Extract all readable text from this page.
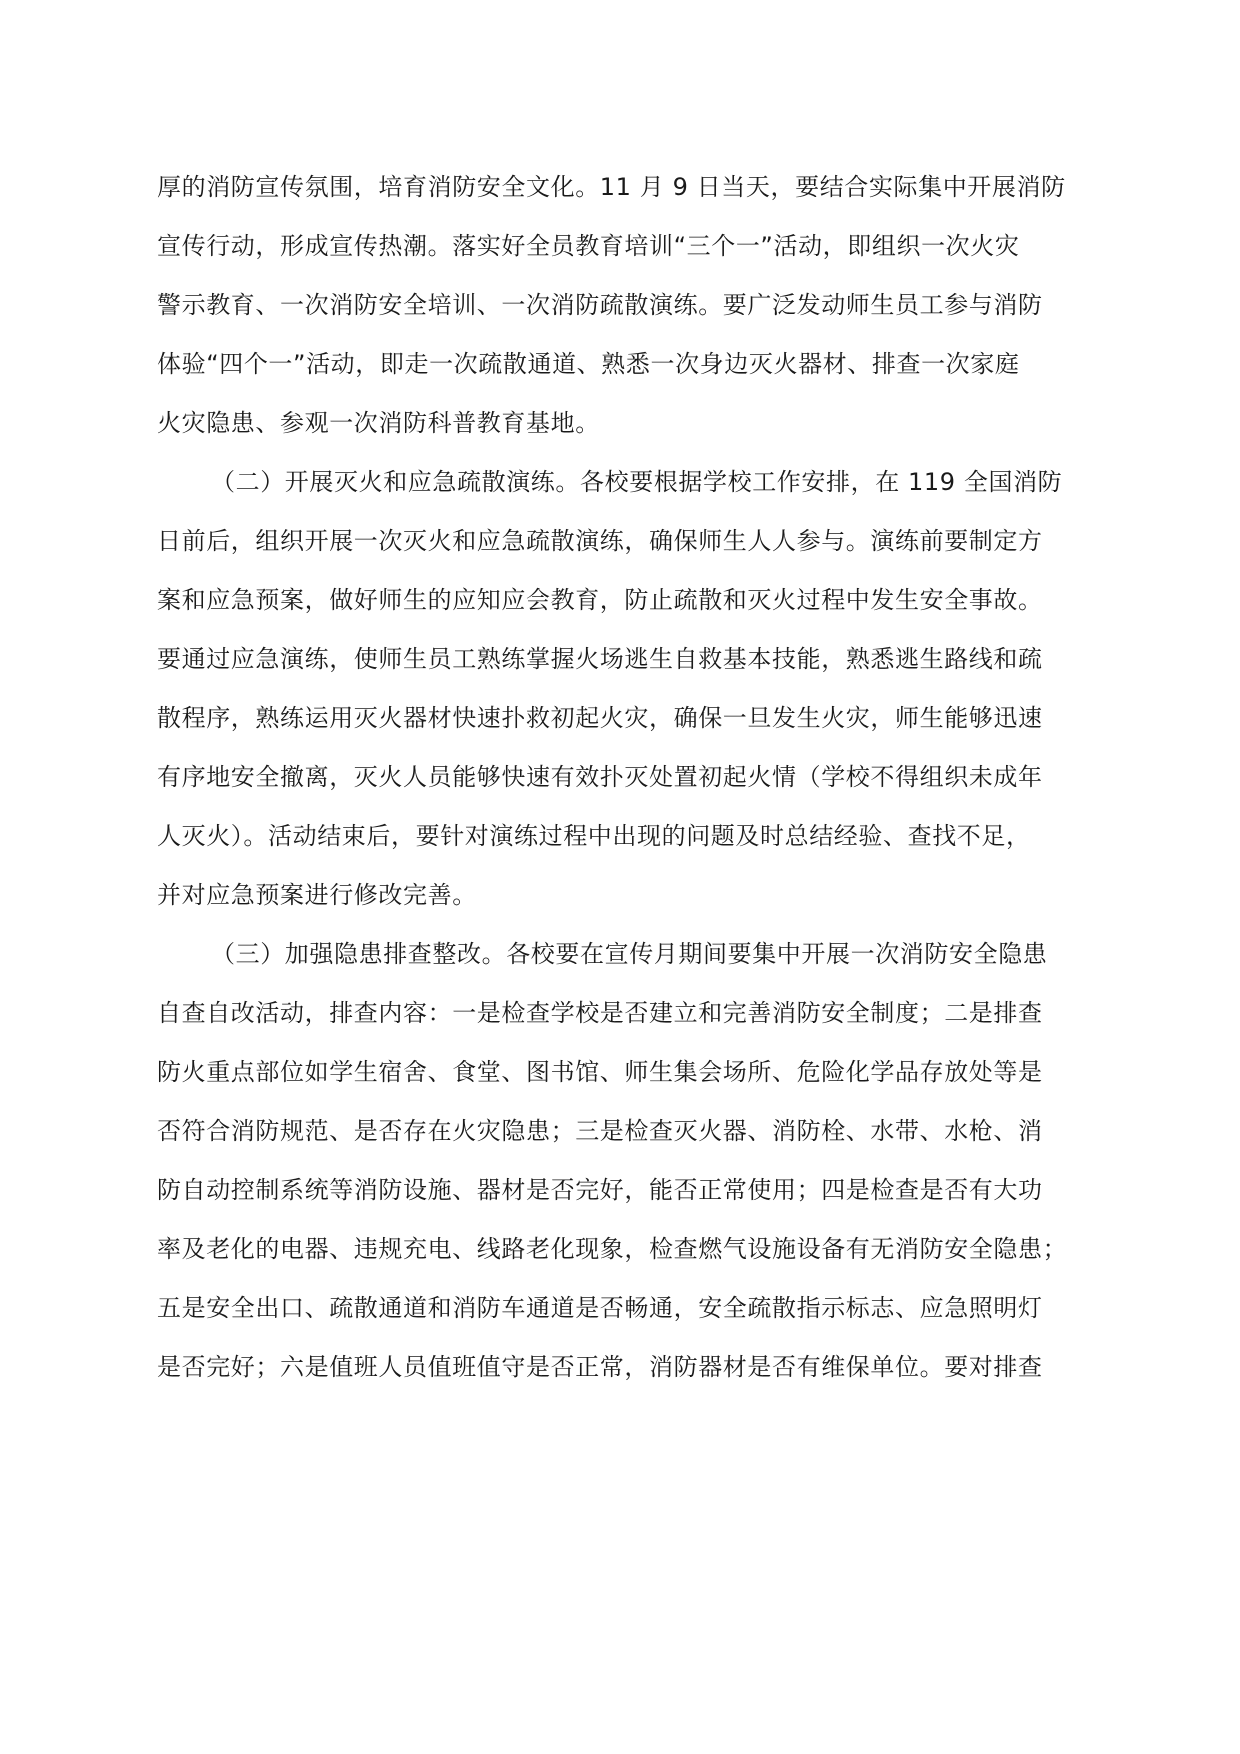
厚的消防宣传氛围，培育消防安全文化。11 月 9 日当天，要结合实际集中开展消防
宣传行动，形成宣传热潮。落实好全员教育培训“三个一”活动，即组织一次火灾
警示教育、一次消防安全培训、一次消防疏散演练。要广泛发动师生员工参与消防
体验“四个一”活动，即走一次疏散通道、熟悉一次身边灭火器材、排查一次家庭
火灾隐患、参观一次消防科普教育基地。
（二）开展灭火和应急疏散演练。各校要根据学校工作安排，在 119 全国消防
日前后，组织开展一次灭火和应急疏散演练，确保师生人人参与。演练前要制定方
案和应急预案，做好师生的应知应会教育，防止疏散和灭火过程中发生安全事故。
要通过应急演练，使师生员工熟练掌握火场逃生自救基本技能，熟悉逃生路线和疏
散程序，熟练运用灭火器材快速扑救初起火灾，确保一旦发生火灾，师生能够迅速
有序地安全撤离，灭火人员能够快速有效扑灭处置初起火情（学校不得组织未成年
人灭火）。活动结束后，要针对演练过程中出现的问题及时总结经验、查找不足，
并对应急预案进行修改完善。
（三）加强隐患排查整改。各校要在宣传月期间要集中开展一次消防安全隐患
自查自改活动，排查内容：一是检查学校是否建立和完善消防安全制度；二是排查
防火重点部位如学生宿舍、食堂、图书馆、师生集会场所、危险化学品存放处等是
否符合消防规范、是否存在火灾隐患；三是检查灭火器、消防栓、水带、水枪、消
防自动控制系统等消防设施、器材是否完好，能否正常使用；四是检查是否有大功
率及老化的电器、违规充电、线路老化现象，检查燃气设施设备有无消防安全隐患；
五是安全出口、疏散通道和消防车通道是否畅通，安全疏散指示标志、应急照明灯
是否完好；六是值班人员值班值守是否正常，消防器材是否有维保单位。要对排查
